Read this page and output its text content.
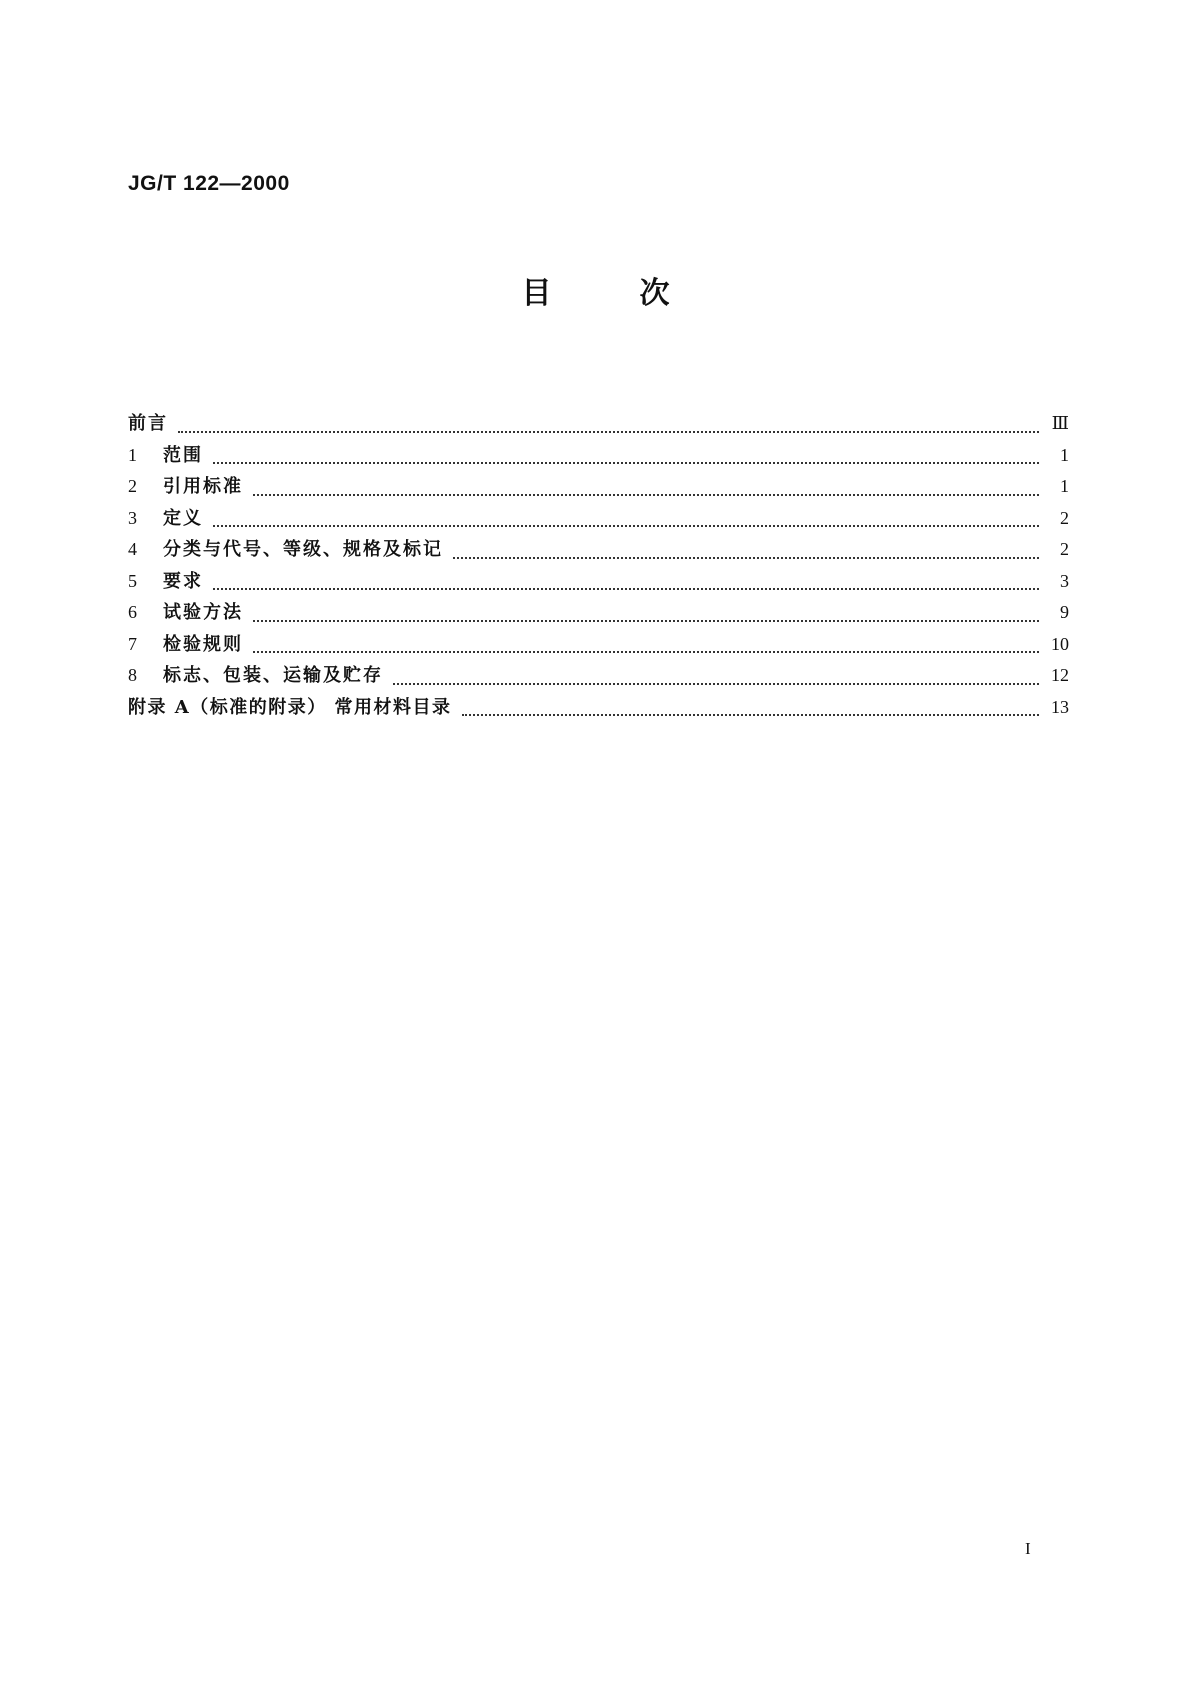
JG/T 122—2000
目次
前言	Ⅲ
1	范围	1
2	引用标准	1
3	定义	2
4	分类与代号、等级、规格及标记	2
5	要求	3
6	试验方法	9
7	检验规则	10
8	标志、包装、运输及贮存	12
附录 A（标准的附录） 常用材料目录	13
I
